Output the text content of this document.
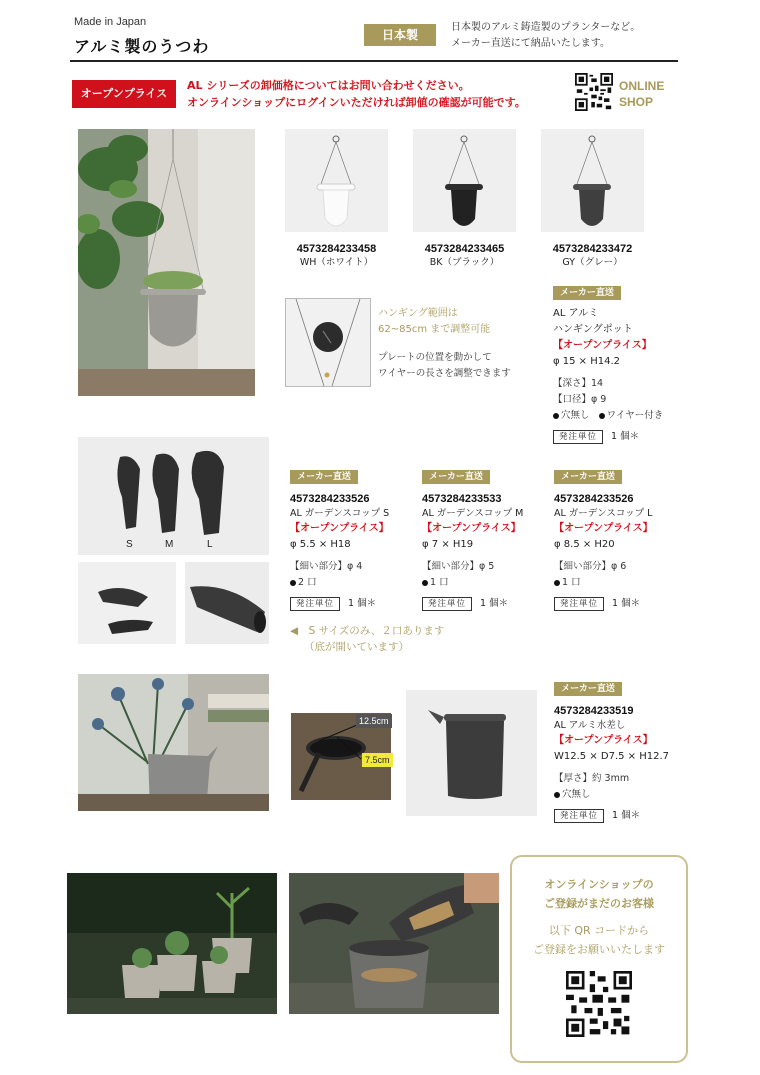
Made in Japan
アルミ製のうつわ
日本製
日本製のアルミ鋳造製のプランターなど。
メーカー直送にて納品いたします。
オープンプライス
AL シリーズの卸価格についてはお問い合わせください。
オンラインショップにログインいただければ卸値の確認が可能です。
ONLINE
SHOP
4573284233458
WH（ホワイト）
4573284233465
BK（ブラック）
4573284233472
GY（グレー）
ハンギング範囲は
62~85cm まで調整可能
プレートの位置を動かして
ワイヤーの長さを調整できます
メーカー直送
AL アルミ
ハンギングポット
【オープンプライス】
φ 15 × H14.2
【深さ】14
【口径】φ 9
穴無し ワイヤー付き
発注単位 1 個＊
S	M	L
メーカー直送
4573284233526
AL ガーデンスコップ S
【オープンプライス】
φ 5.5 × H18
【細い部分】φ 4
2 口
発注単位 1 個＊
メーカー直送
4573284233533
AL ガーデンスコップ M
【オープンプライス】
φ 7 × H19
【細い部分】φ 5
1 口
発注単位 1 個＊
メーカー直送
4573284233526
AL ガーデンスコップ L
【オープンプライス】
φ 8.5 × H20
【細い部分】φ 6
1 口
発注単位 1 個＊
◀　S サイズのみ、２口あります
（底が開いています）
12.5cm
7.5cm
メーカー直送
4573284233519
AL アルミ水差し
【オープンプライス】
W12.5 × D7.5 × H12.7
【厚さ】約 3mm
穴無し
発注単位 1 個＊
オンラインショップの
ご登録がまだのお客様
以下 QR コードから
ご登録をお願いいたします
